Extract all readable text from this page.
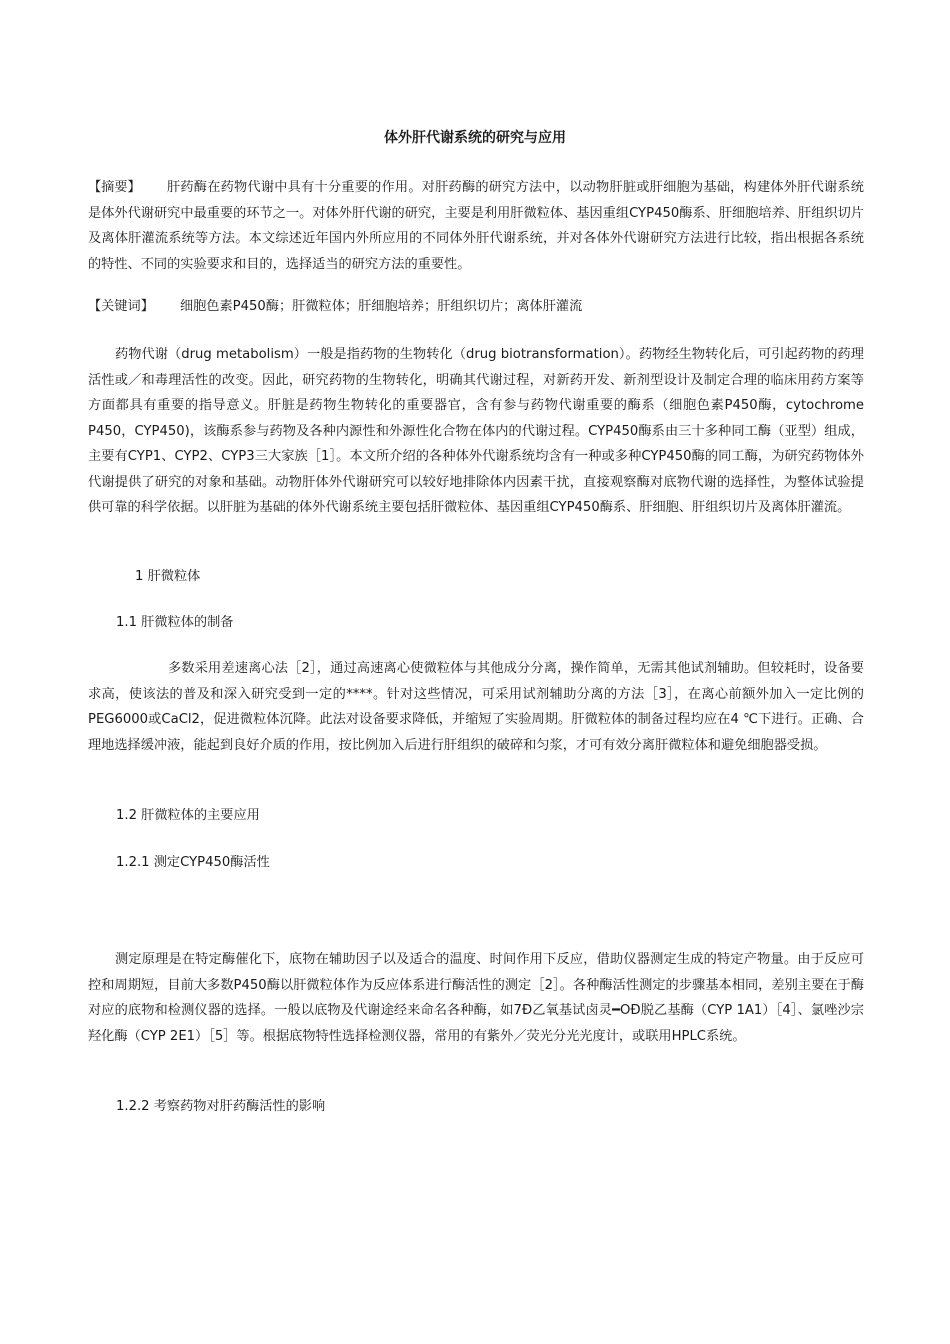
体外肝代谢系统的研究与应用

【摘要】 肝药酶在药物代谢中具有十分重要的作用。对肝药酶的研究方法中，以动物肝脏或肝细胞为基础，构建体外肝代谢系统是体外代谢研究中最重要的环节之一。对体外肝代谢的研究，主要是利用肝微粒体、基因重组CYP450酶系、肝细胞培养、肝组织切片及离体肝灌流系统等方法。本文综述近年国内外所应用的不同体外肝代谢系统，并对各体外代谢研究方法进行比较，指出根据各系统的特性、不同的实验要求和目的，选择适当的研究方法的重要性。

【关键词】 细胞色素P450酶；肝微粒体；肝细胞培养；肝组织切片；离体肝灌流

药物代谢（drug metabolism）一般是指药物的生物转化（drug biotransformation）。药物经生物转化后，可引起药物的药理活性或／和毒理活性的改变。因此，研究药物的生物转化，明确其代谢过程，对新药开发、新剂型设计及制定合理的临床用药方案等方面都具有重要的指导意义。肝脏是药物生物转化的重要器官，含有参与药物代谢重要的酶系（细胞色素P450酶，cytochrome P450，CYP450)，该酶系参与药物及各种内源性和外源性化合物在体内的代谢过程。CYP450酶系由三十多种同工酶（亚型）组成，主要有CYP1、CYP2、CYP3三大家族［1］。本文所介绍的各种体外代谢系统均含有一种或多种CYP450酶的同工酶，为研究药物体外代谢提供了研究的对象和基础。动物肝体外代谢研究可以较好地排除体内因素干扰，直接观察酶对底物代谢的选择性，为整体试验提供可靠的科学依据。以肝脏为基础的体外代谢系统主要包括肝微粒体、基因重组CYP450酶系、肝细胞、肝组织切片及离体肝灌流。

1 肝微粒体

1.1 肝微粒体的制备

多数采用差速离心法［2］，通过高速离心使微粒体与其他成分分离，操作简单，无需其他试剂辅助。但较耗时，设备要求高，使该法的普及和深入研究受到一定的****。针对这些情况，可采用试剂辅助分离的方法［3］，在离心前额外加入一定比例的PEG6000或CaCl2，促进微粒体沉降。此法对设备要求降低，并缩短了实验周期。肝微粒体的制备过程均应在4 ℃下进行。正确、合理地选择缓冲液，能起到良好介质的作用，按比例加入后进行肝组织的破碎和匀浆，才可有效分离肝微粒体和避免细胞器受损。

1.2 肝微粒体的主要应用

1.2.1 测定CYP450酶活性

测定原理是在特定酶催化下，底物在辅助因子以及适合的温度、时间作用下反应，借助仪器测定生成的特定产物量。由于反应可控和周期短，目前大多数P450酶以肝微粒体作为反应体系进行酶活性的测定［2］。各种酶活性测定的步骤基本相同，差别主要在于酶对应的底物和检测仪器的选择。一般以底物及代谢途经来命名各种酶，如7Ð乙氧基试卤灵━OÐ脱乙基酶（CYP 1A1）［4］、氯唑沙宗羟化酶（CYP 2E1）［5］等。根据底物特性选择检测仪器，常用的有紫外／荧光分光光度计，或联用HPLC系统。

1.2.2 考察药物对肝药酶活性的影响
